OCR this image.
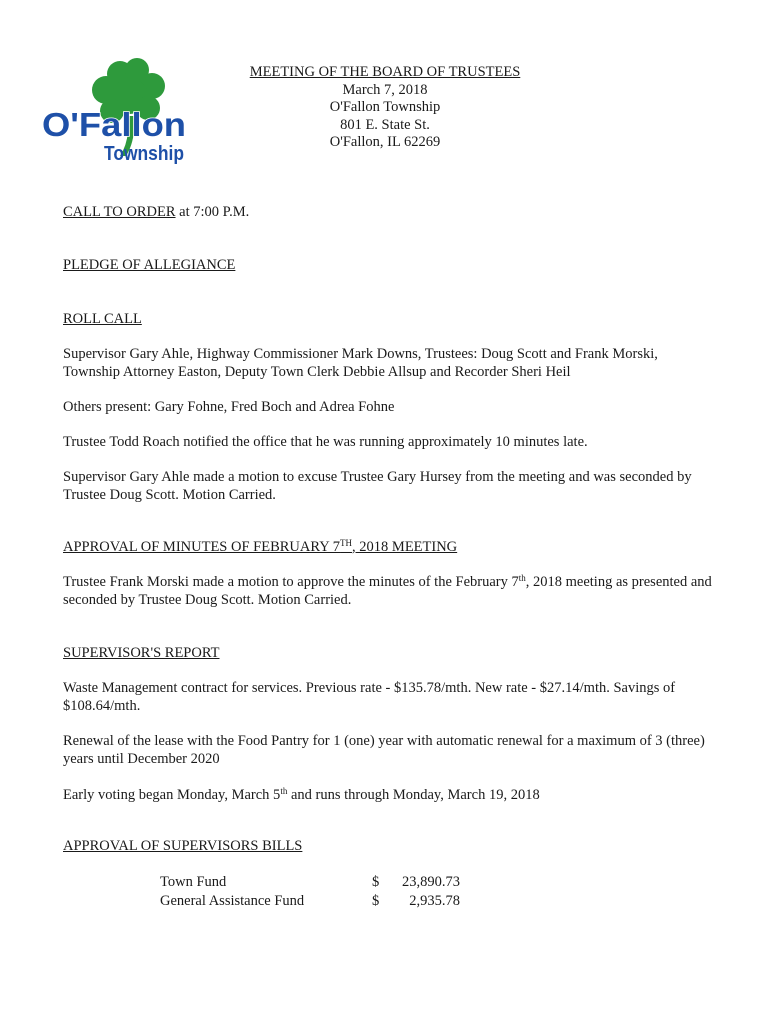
O'Fallon
Township
MEETING OF THE BOARD OF TRUSTEES
March 7, 2018
O'Fallon Township
801 E. State St.
O'Fallon, IL 62269

CALL TO ORDER at 7:00 P.M.

PLEDGE OF ALLEGIANCE

ROLL CALL

Supervisor Gary Ahle, Highway Commissioner Mark Downs, Trustees: Doug Scott and Frank Morski, Township Attorney Easton, Deputy Town Clerk Debbie Allsup and Recorder Sheri Heil

Others present: Gary Fohne, Fred Boch and Adrea Fohne

Trustee Todd Roach notified the office that he was running approximately 10 minutes late.

Supervisor Gary Ahle made a motion to excuse Trustee Gary Hursey from the meeting and was seconded by Trustee Doug Scott. Motion Carried.

APPROVAL OF MINUTES OF FEBRUARY 7TH, 2018 MEETING

Trustee Frank Morski made a motion to approve the minutes of the February 7th, 2018 meeting as presented and seconded by Trustee Doug Scott. Motion Carried.

SUPERVISOR'S REPORT

Waste Management contract for services. Previous rate - $135.78/mth. New rate - $27.14/mth. Savings of $108.64/mth.

Renewal of the lease with the Food Pantry for 1 (one) year with automatic renewal for a maximum of 3 (three) years until December 2020

Early voting began Monday, March 5th and runs through Monday, March 19, 2018

APPROVAL OF SUPERVISORS BILLS

Town Fund	$	23,890.73
General Assistance Fund	$	2,935.78
